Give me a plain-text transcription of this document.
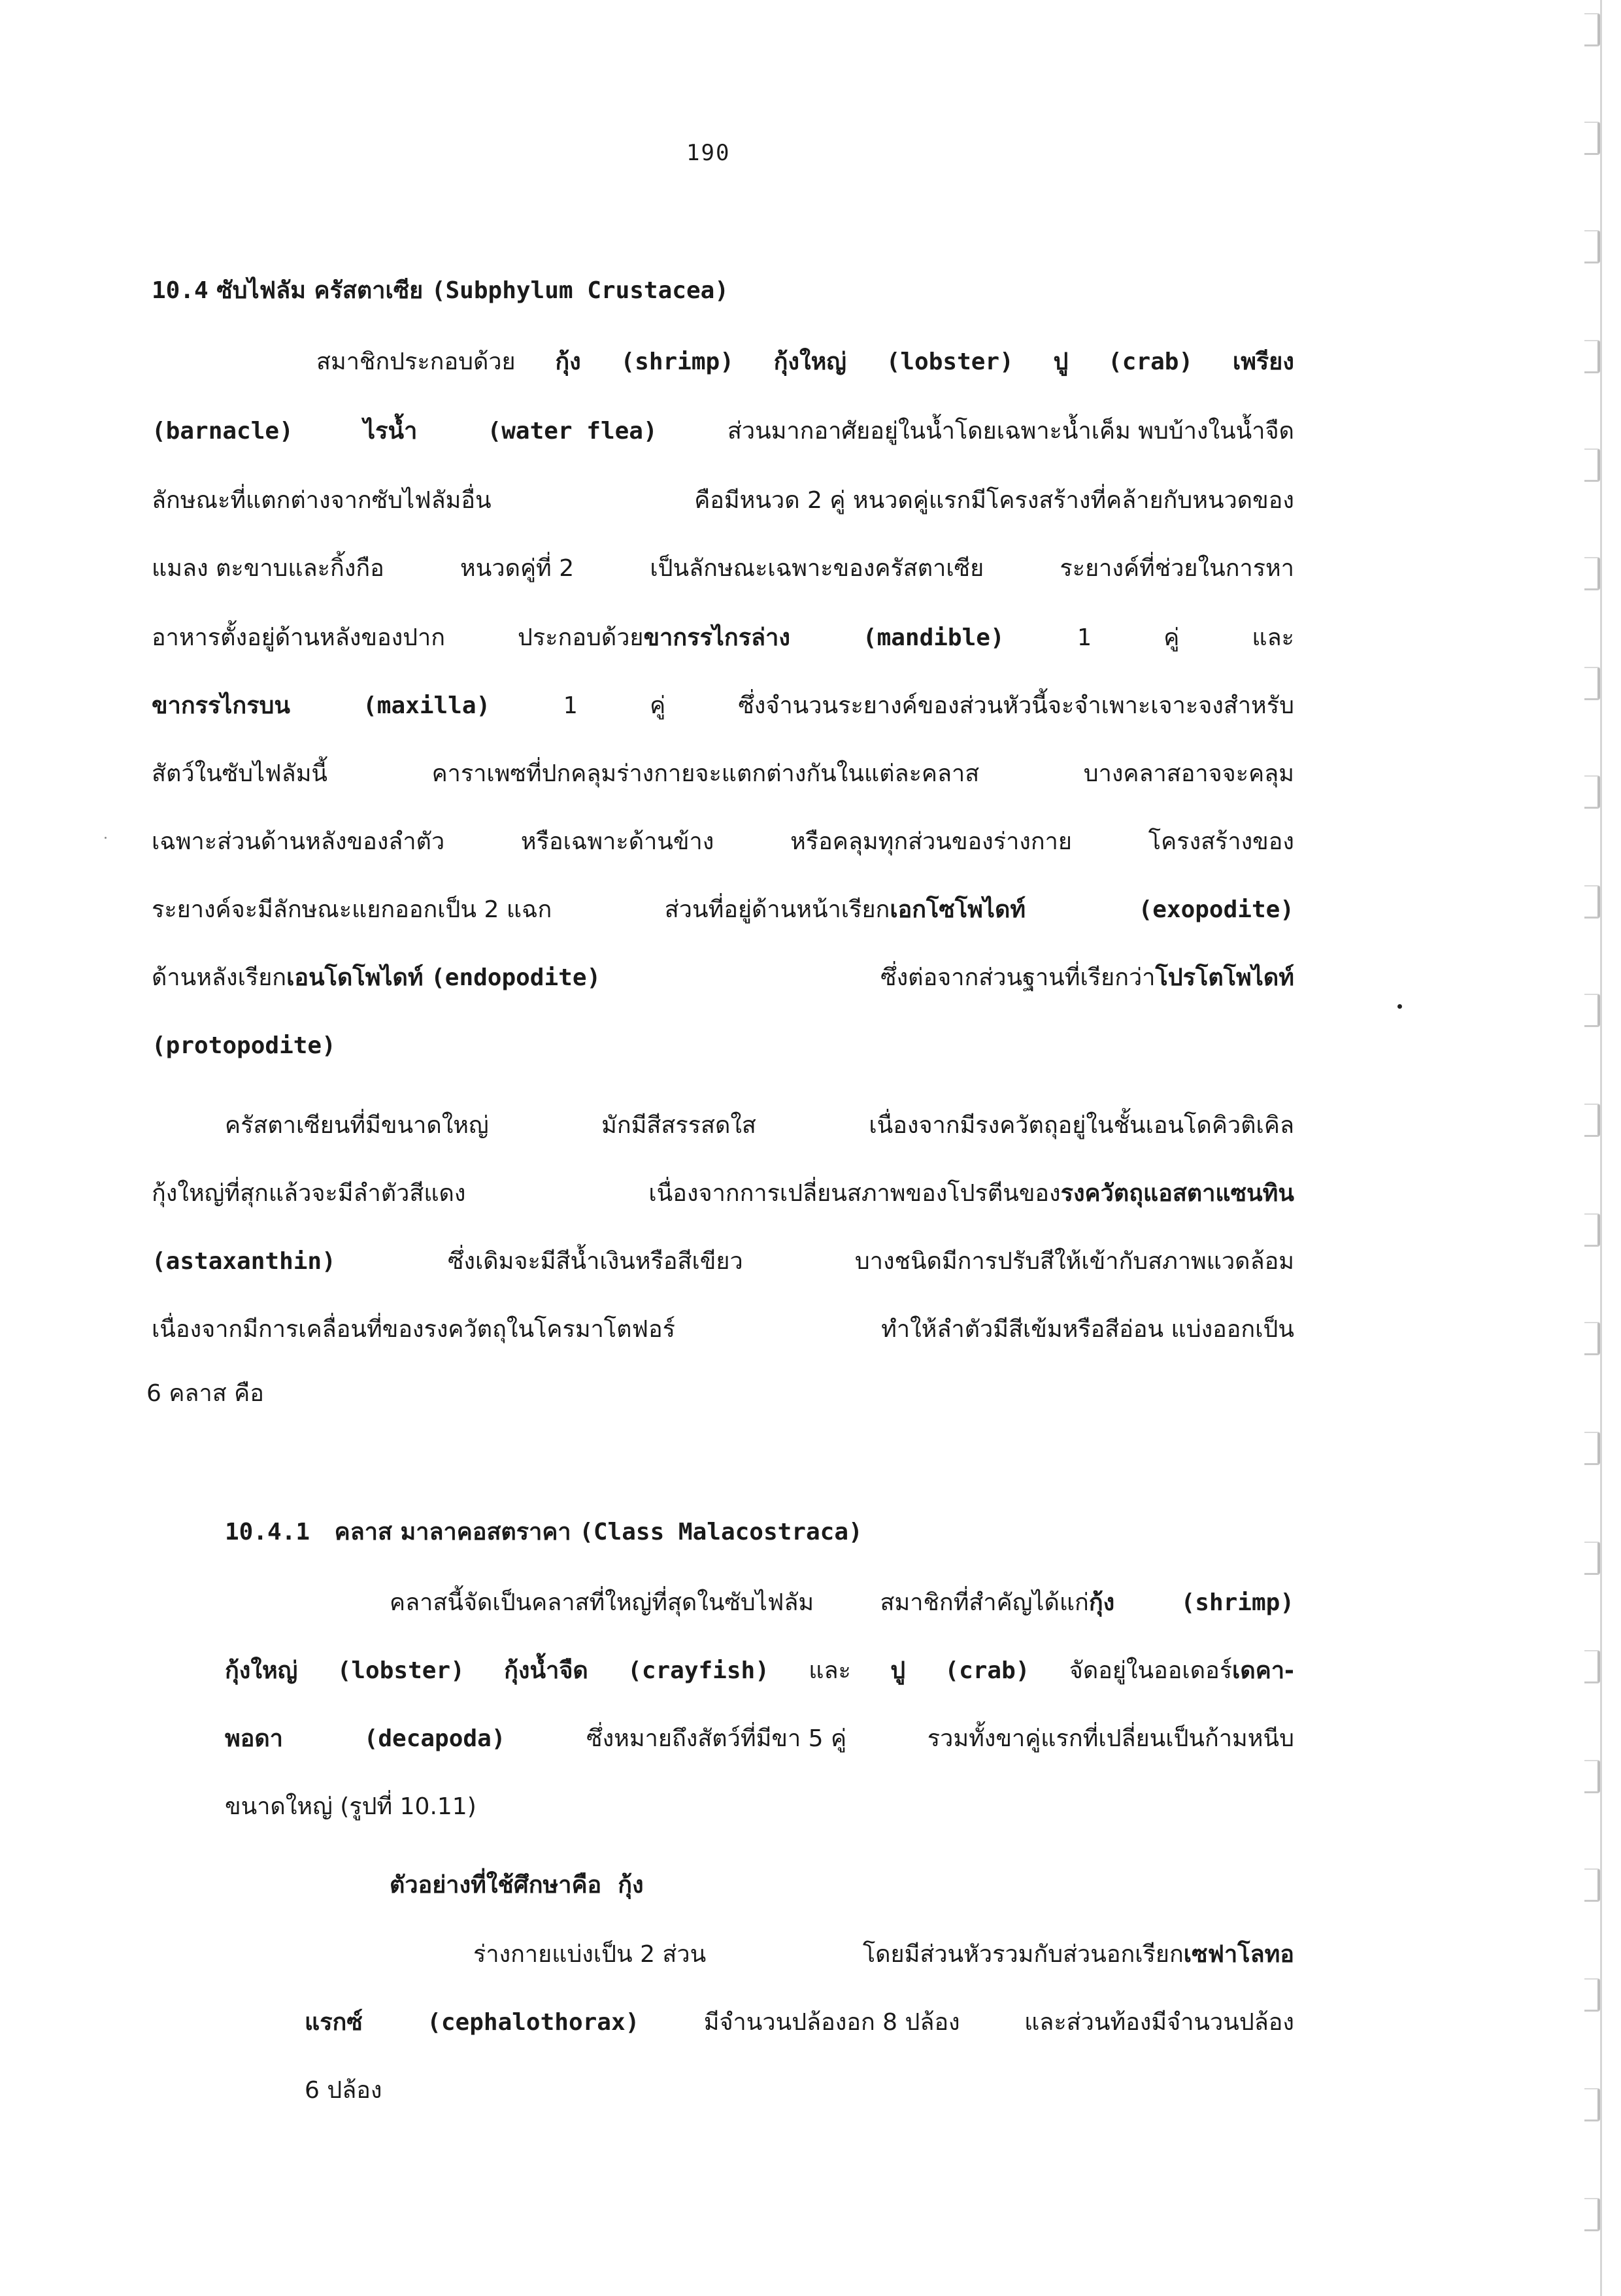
190
10.4 ซับไฟลัม ครัสตาเซีย (Subphylum Crustacea)
สมาชิกประกอบด้วย กุ้ง (shrimp) กุ้งใหญ่ (lobster) ปู (crab) เพรียง
(barnacle)	ไรน้ำ	(water flea)	ส่วนมากอาศัยอยู่ในน้ำโดยเฉพาะน้ำเค็ม พบบ้างในน้ำจืด
ลักษณะที่แตกต่างจากซับไฟลัมอื่น	คือมีหนวด 2 คู่ หนวดคู่แรกมีโครงสร้างที่คล้ายกับหนวดของ
แมลง ตะขาบและกิ้งกือ	หนวดคู่ที่ 2	เป็นลักษณะเฉพาะของครัสตาเซีย	ระยางค์ที่ช่วยในการหา
อาหารตั้งอยู่ด้านหลังของปาก	ประกอบด้วยขากรรไกรล่าง	(mandible)	1	คู่	และ
ขากรรไกรบน	(maxilla)	1	คู่	ซึ่งจำนวนระยางค์ของส่วนหัวนี้จะจำเพาะเจาะจงสำหรับ
สัตว์ในซับไฟลัมนี้	คาราเพซที่ปกคลุมร่างกายจะแตกต่างกันในแต่ละคลาส	บางคลาสอาจจะคลุม
เฉพาะส่วนด้านหลังของลำตัว	หรือเฉพาะด้านข้าง	หรือคลุมทุกส่วนของร่างกาย	โครงสร้างของ
ระยางค์จะมีลักษณะแยกออกเป็น 2 แฉก	ส่วนที่อยู่ด้านหน้าเรียกเอกโซโพไดท์	(exopodite)
ด้านหลังเรียกเอนโดโพไดท์ (endopodite)	ซึ่งต่อจากส่วนฐานที่เรียกว่าโปรโตโพไดท์
(protopodite)
ครัสตาเซียนที่มีขนาดใหญ่	มักมีสีสรรสดใส	เนื่องจากมีรงควัตถุอยู่ในชั้นเอนโดคิวติเคิล
กุ้งใหญ่ที่สุกแล้วจะมีลำตัวสีแดง	เนื่องจากการเปลี่ยนสภาพของโปรตีนของรงควัตถุแอสตาแซนทิน
(astaxanthin)	ซึ่งเดิมจะมีสีน้ำเงินหรือสีเขียว	บางชนิดมีการปรับสีให้เข้ากับสภาพแวดล้อม
เนื่องจากมีการเคลื่อนที่ของรงควัตถุในโครมาโตฟอร์	ทำให้ลำตัวมีสีเข้มหรือสีอ่อน แบ่งออกเป็น
6 คลาส คือ
10.4.1 คลาส มาลาคอสตราคา (Class Malacostraca)
คลาสนี้จัดเป็นคลาสที่ใหญ่ที่สุดในซับไฟลัม	สมาชิกที่สำคัญได้แก่กุ้ง	(shrimp)
กุ้งใหญ่ (lobster) กุ้งน้ำจืด (crayfish) และ ปู (crab) จัดอยู่ในออเดอร์เดคา-
พอดา	(decapoda)	ซึ่งหมายถึงสัตว์ที่มีขา 5 คู่	รวมทั้งขาคู่แรกที่เปลี่ยนเป็นก้ามหนีบ
ขนาดใหญ่ (รูปที่ 10.11)
ตัวอย่างที่ใช้ศึกษาคือ กุ้ง
ร่างกายแบ่งเป็น 2 ส่วน	โดยมีส่วนหัวรวมกับส่วนอกเรียกเซฟาโลทอ
แรกซ์	(cephalothorax)	มีจำนวนปล้องอก 8 ปล้อง	และส่วนท้องมีจำนวนปล้อง
6 ปล้อง
